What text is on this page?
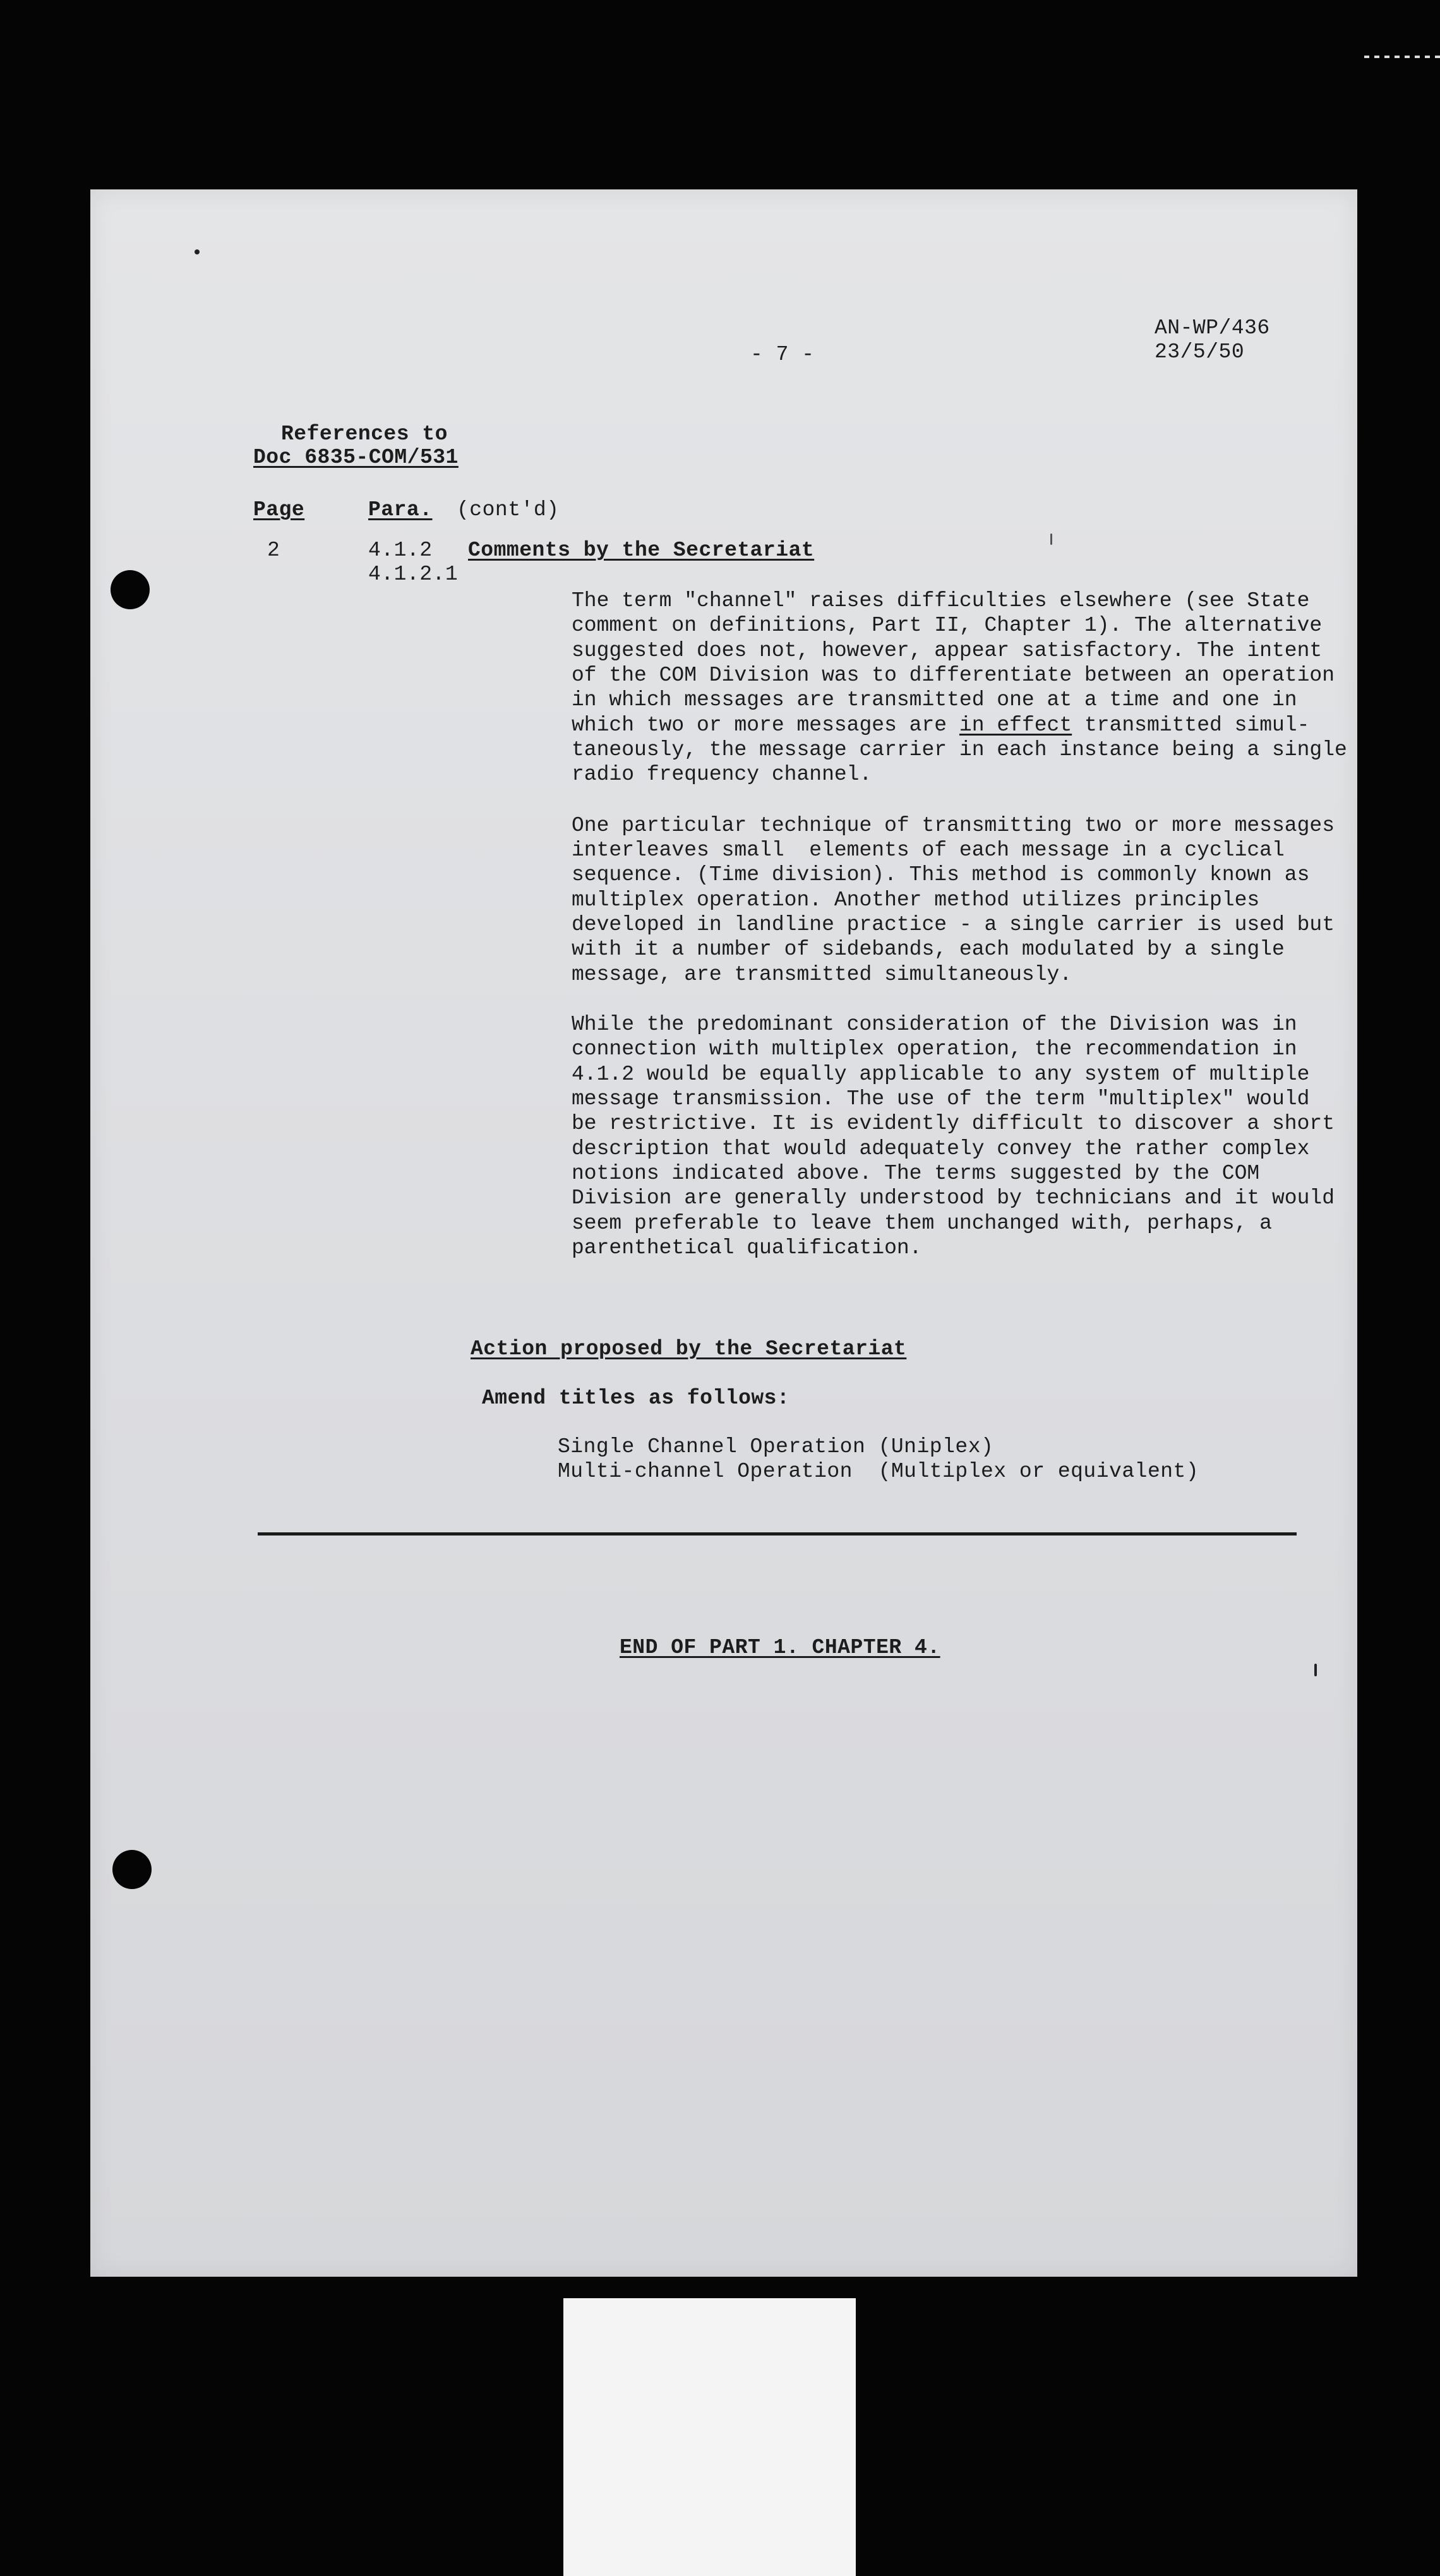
- 7 -
AN-WP/436
23/5/50
References to
Doc 6835-COM/531
Page	Para. (cont'd)
2	4.1.2
4.1.2.1
Comments by the Secretariat
The term "channel" raises difficulties elsewhere (see State
comment on definitions, Part II, Chapter 1). The alternative
suggested does not, however, appear satisfactory. The intent
of the COM Division was to differentiate between an operation
in which messages are transmitted one at a time and one in
which two or more messages are in effect transmitted simul-
taneously, the message carrier in each instance being a single
radio frequency channel.
One particular technique of transmitting two or more messages
interleaves small  elements of each message in a cyclical
sequence. (Time division). This method is commonly known as
multiplex operation. Another method utilizes principles
developed in landline practice - a single carrier is used but
with it a number of sidebands, each modulated by a single
message, are transmitted simultaneously.
While the predominant consideration of the Division was in
connection with multiplex operation, the recommendation in
4.1.2 would be equally applicable to any system of multiple
message transmission. The use of the term "multiplex" would
be restrictive. It is evidently difficult to discover a short
description that would adequately convey the rather complex
notions indicated above. The terms suggested by the COM
Division are generally understood by technicians and it would
seem preferable to leave them unchanged with, perhaps, a
parenthetical qualification.
Action proposed by the Secretariat
Amend titles as follows:
Single Channel Operation (Uniplex)
Multi-channel Operation  (Multiplex or equivalent)
END OF PART 1. CHAPTER 4.
